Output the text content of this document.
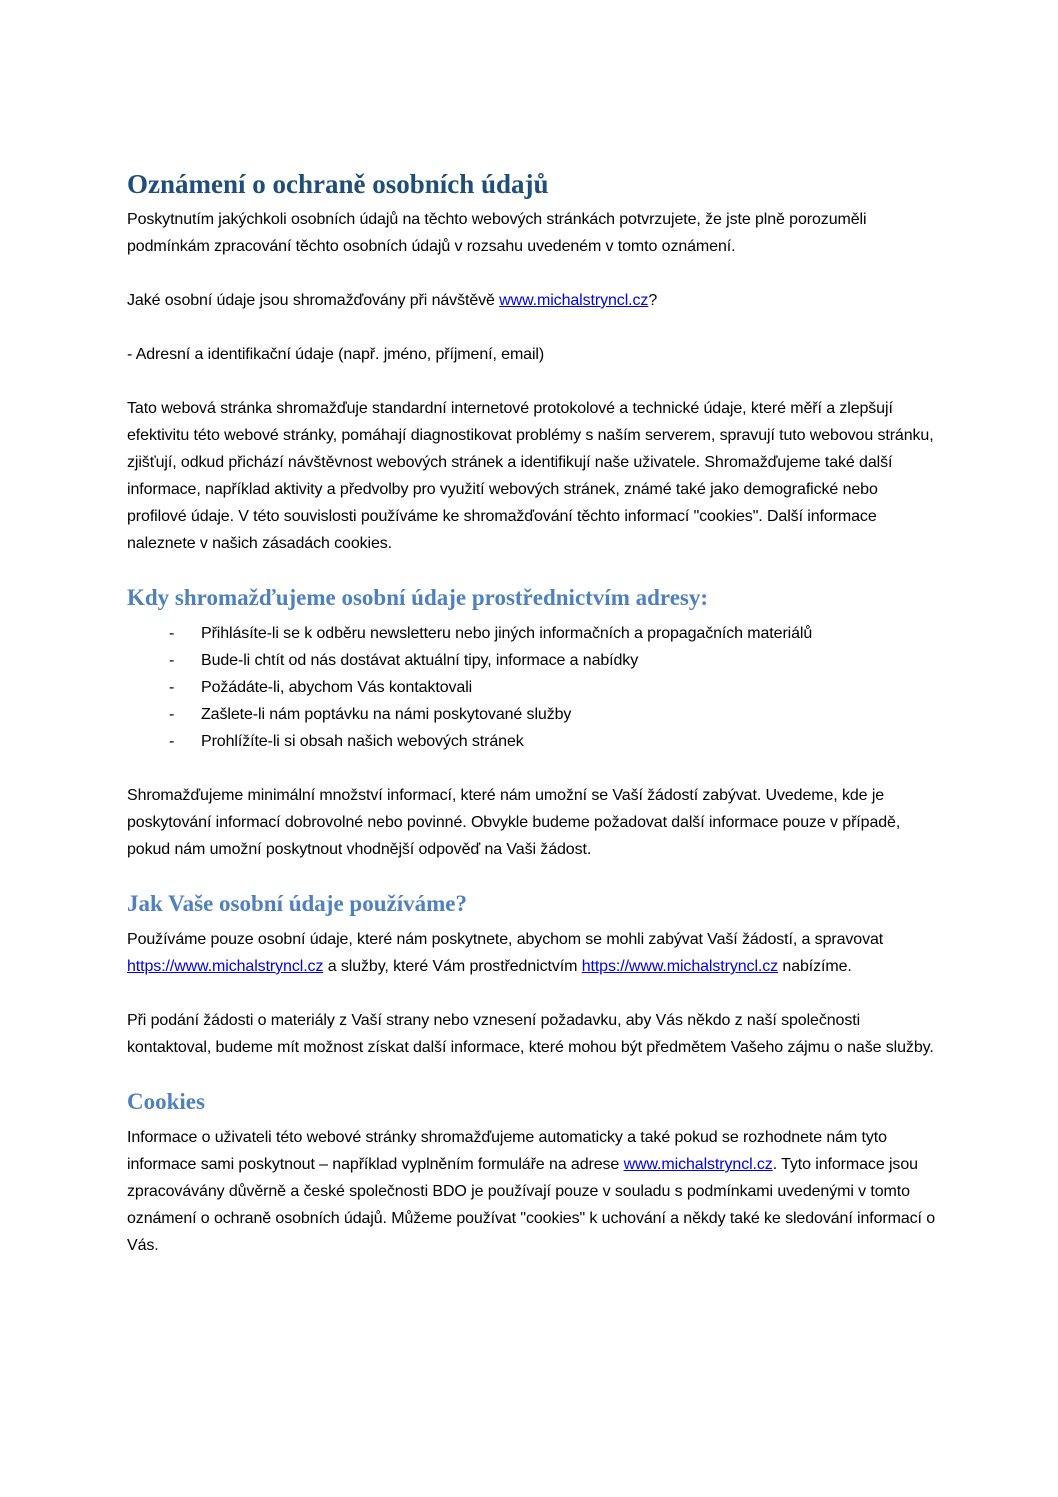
Oznámení o ochraně osobních údajů

Poskytnutím jakýchkoli osobních údajů na těchto webových stránkách potvrzujete, že jste plně porozuměli podmínkám zpracování těchto osobních údajů v rozsahu uvedeném v tomto oznámení.

Jaké osobní údaje jsou shromažďovány při návštěvě www.michalstryncl.cz?

- Adresní a identifikační údaje (např. jméno, příjmení, email)

Tato webová stránka shromažďuje standardní internetové protokolové a technické údaje, které měří a zlepšují efektivitu této webové stránky, pomáhají diagnostikovat problémy s naším serverem, spravují tuto webovou stránku, zjišťují, odkud přichází návštěvnost webových stránek a identifikují naše uživatele. Shromažďujeme také další informace, například aktivity a předvolby pro využití webových stránek, známé také jako demografické nebo profilové údaje. V této souvislosti používáme ke shromažďování těchto informací "cookies". Další informace naleznete v našich zásadách cookies.

Kdy shromažďujeme osobní údaje prostřednictvím adresy:
-	Přihlásíte-li se k odběru newsletteru nebo jiných informačních a propagačních materiálů
-	Bude-li chtít od nás dostávat aktuální tipy, informace a nabídky
-	Požádáte-li, abychom Vás kontaktovali
-	Zašlete-li nám poptávku na námi poskytované služby
-	Prohlížíte-li si obsah našich webových stránek

Shromažďujeme minimální množství informací, které nám umožní se Vaší žádostí zabývat. Uvedeme, kde je poskytování informací dobrovolné nebo povinné. Obvykle budeme požadovat další informace pouze v případě, pokud nám umožní poskytnout vhodnější odpověď na Vaši žádost.

Jak Vaše osobní údaje používáme?

Používáme pouze osobní údaje, které nám poskytnete, abychom se mohli zabývat Vaší žádostí, a spravovat https://www.michalstryncl.cz a služby, které Vám prostřednictvím https://www.michalstryncl.cz nabízíme.

Při podání žádosti o materiály z Vaší strany nebo vznesení požadavku, aby Vás někdo z naší společnosti kontaktoval, budeme mít možnost získat další informace, které mohou být předmětem Vašeho zájmu o naše služby.

Cookies

Informace o uživateli této webové stránky shromažďujeme automaticky a také pokud se rozhodnete nám tyto informace sami poskytnout – například vyplněním formuláře na adrese www.michalstryncl.cz. Tyto informace jsou zpracovávány důvěrně a české společnosti BDO je používají pouze v souladu s podmínkami uvedenými v tomto oznámení o ochraně osobních údajů. Můžeme používat "cookies" k uchování a někdy také ke sledování informací o Vás.
